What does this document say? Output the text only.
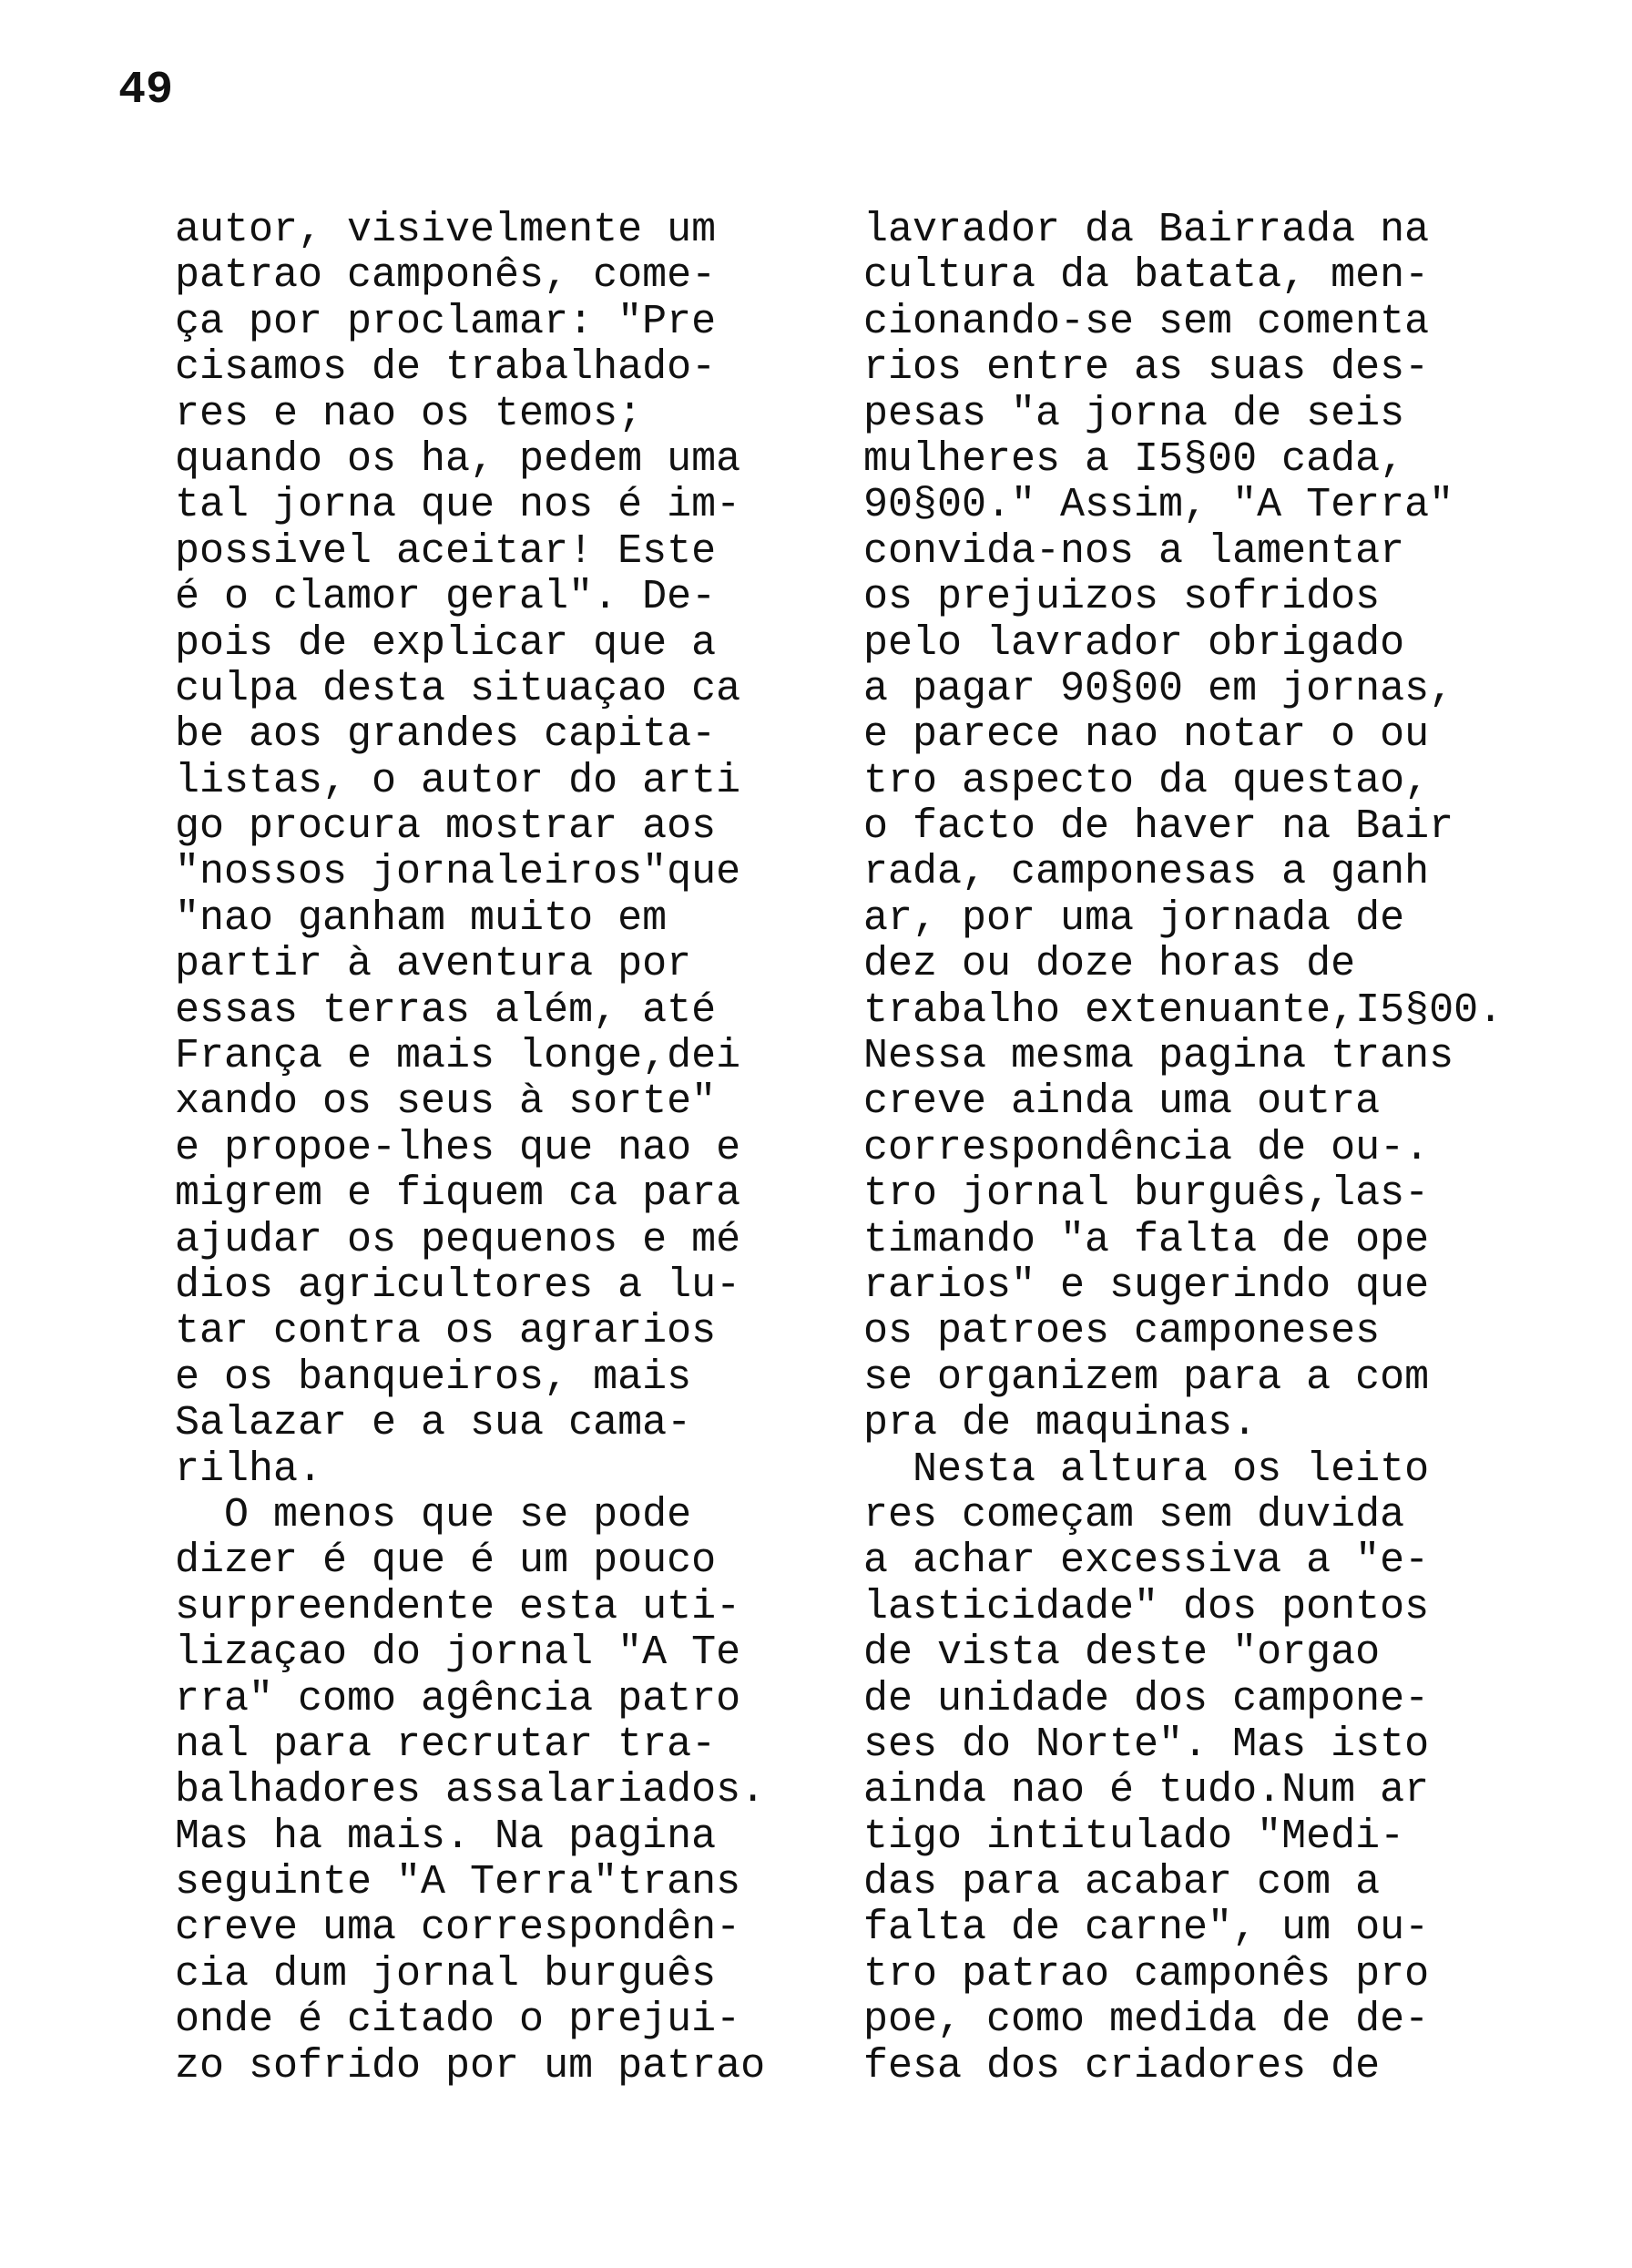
49
autor, visivelmente um
patrao camponês, come-
ça por proclamar: "Pre
cisamos de trabalhado-
res e nao os temos;
quando os ha, pedem uma
tal jorna que nos é im-
possivel aceitar! Este
é o clamor geral". De-
pois de explicar que a
culpa desta situaçao ca
be aos grandes capita-
listas, o autor do arti
go procura mostrar aos
"nossos jornaleiros"que
"nao ganham muito em
partir à aventura por
essas terras além, até
França e mais longe,dei
xando os seus à sorte"
e propoe-lhes que nao e
migrem e fiquem ca para
ajudar os pequenos e mé
dios agricultores a lu-
tar contra os agrarios
e os banqueiros, mais
Salazar e a sua cama-
rilha.
O menos que se pode
dizer é que é um pouco
surpreendente esta uti-
lizaçao do jornal "A Te
rra" como agência patro
nal para recrutar tra-
balhadores assalariados.
Mas ha mais. Na pagina
seguinte "A Terra"trans
creve uma correspondên-
cia dum jornal burguês
onde é citado o prejui-
zo sofrido por um patrao
lavrador da Bairrada na
cultura da batata, men-
cionando-se sem comenta
rios entre as suas des-
pesas "a jorna de seis
mulheres a I5§00 cada,
90§00." Assim, "A Terra"
convida-nos a lamentar
os prejuizos sofridos
pelo lavrador obrigado
a pagar 90§00 em jornas,
e parece nao notar o ou
tro aspecto da questao,
o facto de haver na Bair
rada, camponesas a ganh
ar, por uma jornada de
dez ou doze horas de
trabalho extenuante,I5§00.
Nessa mesma pagina trans
creve ainda uma outra
correspondência de ou-.
tro jornal burguês,las-
timando "a falta de ope
rarios" e sugerindo que
os patroes camponeses
se organizem para a com
pra de maquinas.
Nesta altura os leito
res começam sem duvida
a achar excessiva a "e-
lasticidade" dos pontos
de vista deste "orgao
de unidade dos campone-
ses do Norte". Mas isto
ainda nao é tudo.Num ar
tigo intitulado "Medi-
das para acabar com a
falta de carne", um ou-
tro patrao camponês pro
poe, como medida de de-
fesa dos criadores de
